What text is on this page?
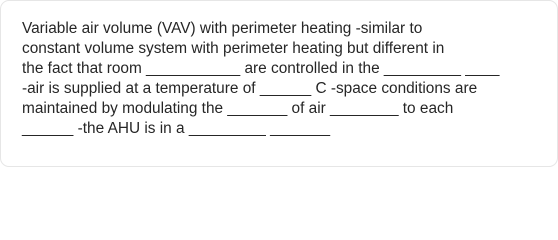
Variable air volume (VAV) with perimeter heating -similar to
constant volume system with perimeter heating but different in
the fact that room ___________ are controlled in the _________ ____
-air is supplied at a temperature of ______ C -space conditions are
maintained by modulating the _______ of air ________ to each
______ -the AHU is in a _________ _______
